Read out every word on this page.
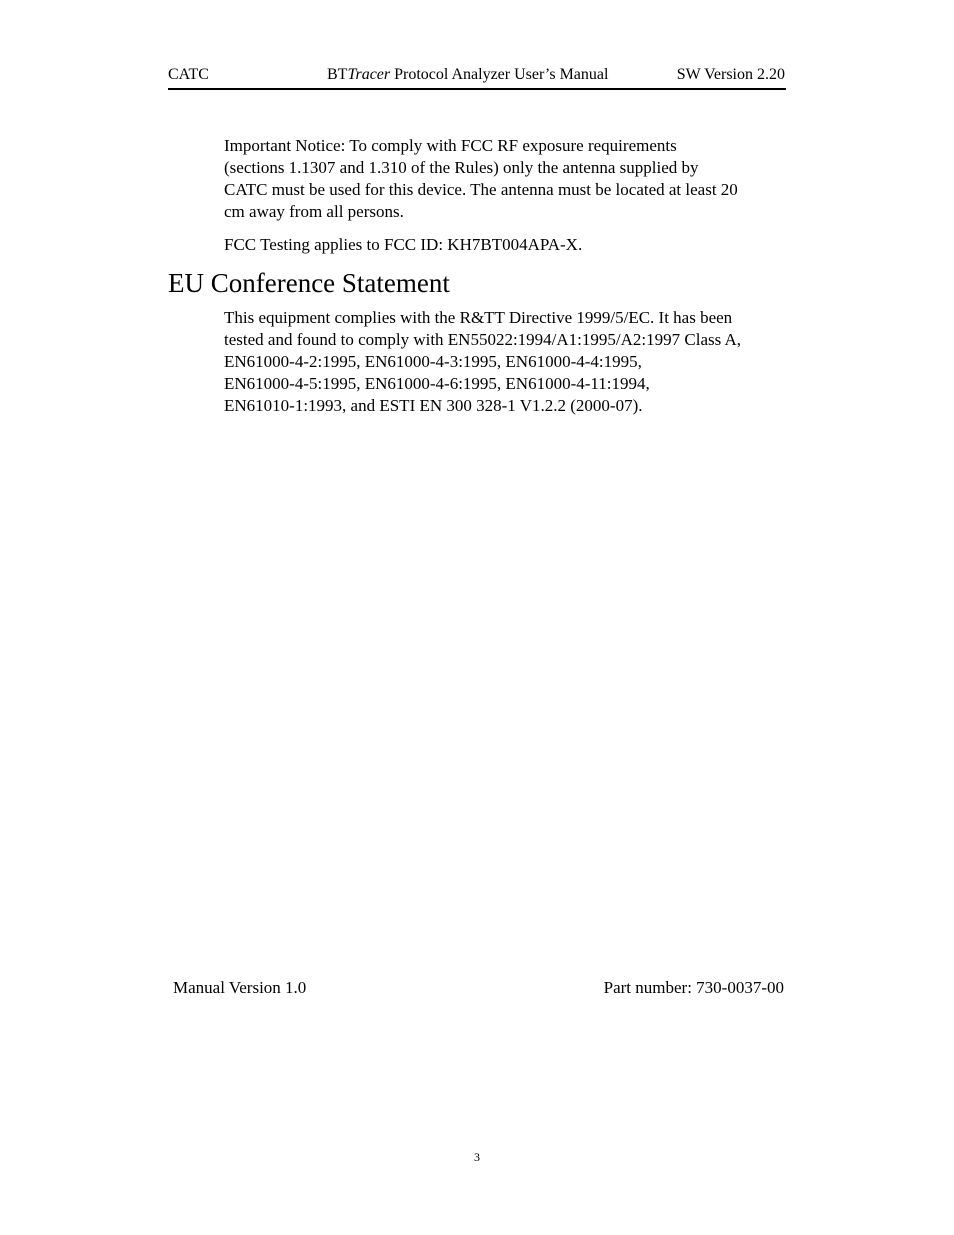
CATC	BTTracer Protocol Analyzer User’s Manual	SW Version 2.20
Important Notice: To comply with FCC RF exposure requirements
(sections 1.1307 and 1.310 of the Rules) only the antenna supplied by
CATC must be used for this device. The antenna must be located at least 20
cm away from all persons.
FCC Testing applies to FCC ID: KH7BT004APA-X.
EU Conference Statement
This equipment complies with the R&TT Directive 1999/5/EC. It has been
tested and found to comply with EN55022:1994/A1:1995/A2:1997 Class A,
EN61000-4-2:1995, EN61000-4-3:1995, EN61000-4-4:1995,
EN61000-4-5:1995, EN61000-4-6:1995, EN61000-4-11:1994,
EN61010-1:1993, and ESTI EN 300 328-1 V1.2.2 (2000-07).
Manual Version 1.0	Part number: 730-0037-00
3
